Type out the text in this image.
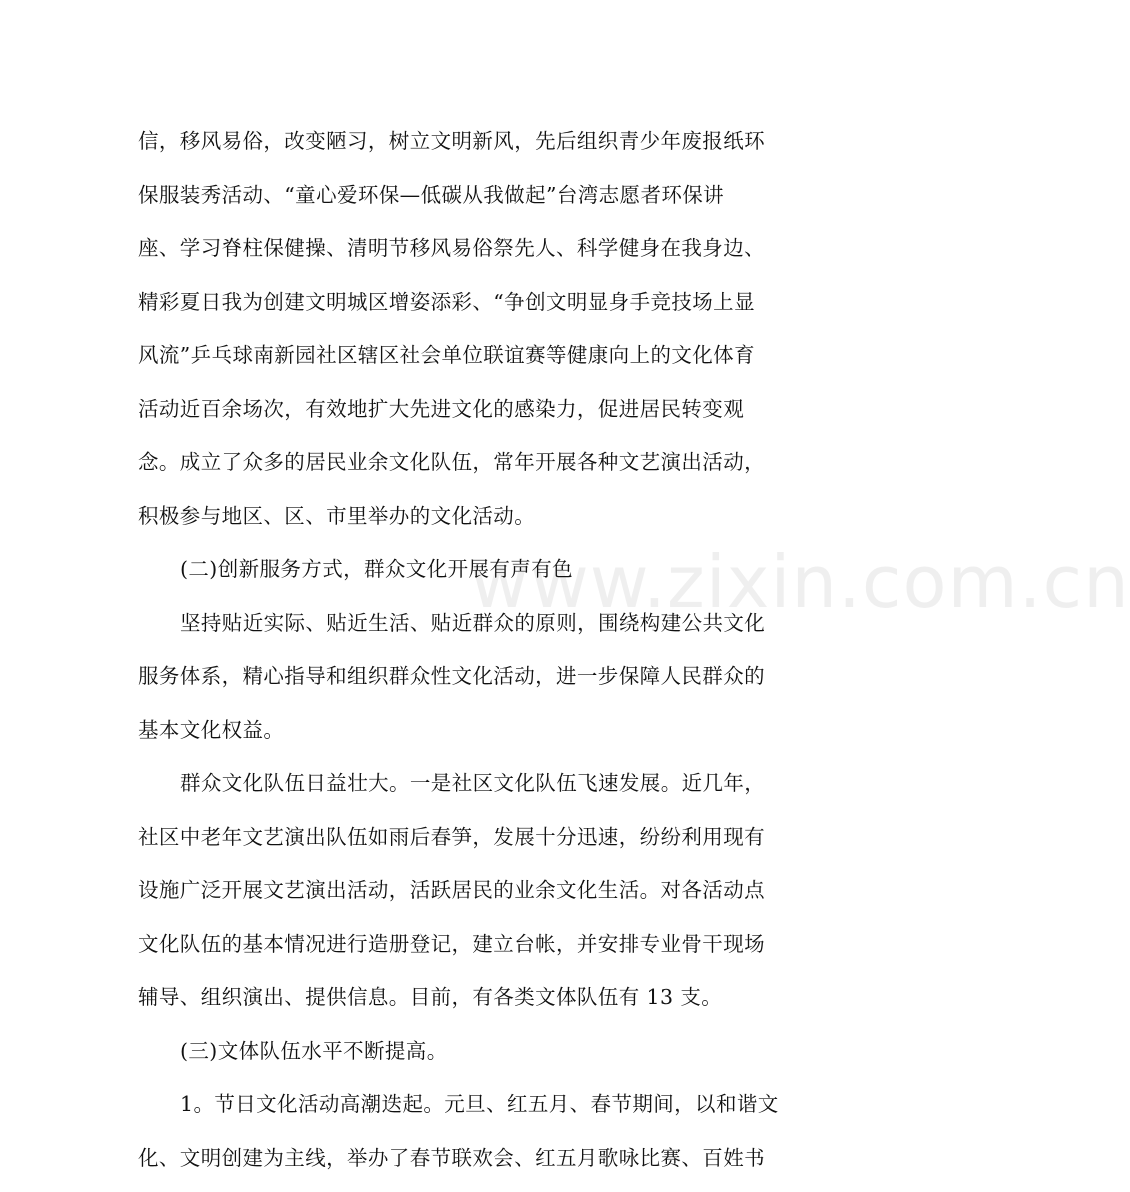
www.zixin.com.cn
信，移风易俗，改变陋习，树立文明新风，先后组织青少年废报纸环
保服装秀活动、“童心爱环保—低碳从我做起”台湾志愿者环保讲
座、学习脊柱保健操、清明节移风易俗祭先人、科学健身在我身边、
精彩夏日我为创建文明城区增姿添彩、“争创文明显身手竞技场上显
风流”乒乓球南新园社区辖区社会单位联谊赛等健康向上的文化体育
活动近百余场次，有效地扩大先进文化的感染力，促进居民转变观
念。成立了众多的居民业余文化队伍，常年开展各种文艺演出活动，
积极参与地区、区、市里举办的文化活动。
(二)创新服务方式，群众文化开展有声有色
坚持贴近实际、贴近生活、贴近群众的原则，围绕构建公共文化
服务体系，精心指导和组织群众性文化活动，进一步保障人民群众的
基本文化权益。
群众文化队伍日益壮大。一是社区文化队伍飞速发展。近几年，
社区中老年文艺演出队伍如雨后春笋，发展十分迅速，纷纷利用现有
设施广泛开展文艺演出活动，活跃居民的业余文化生活。对各活动点
文化队伍的基本情况进行造册登记，建立台帐，并安排专业骨干现场
辅导、组织演出、提供信息。目前，有各类文体队伍有 13 支。
(三)文体队伍水平不断提高。
1。节日文化活动高潮迭起。元旦、红五月、春节期间，以和谐文
化、文明创建为主线，举办了春节联欢会、红五月歌咏比赛、百姓书
